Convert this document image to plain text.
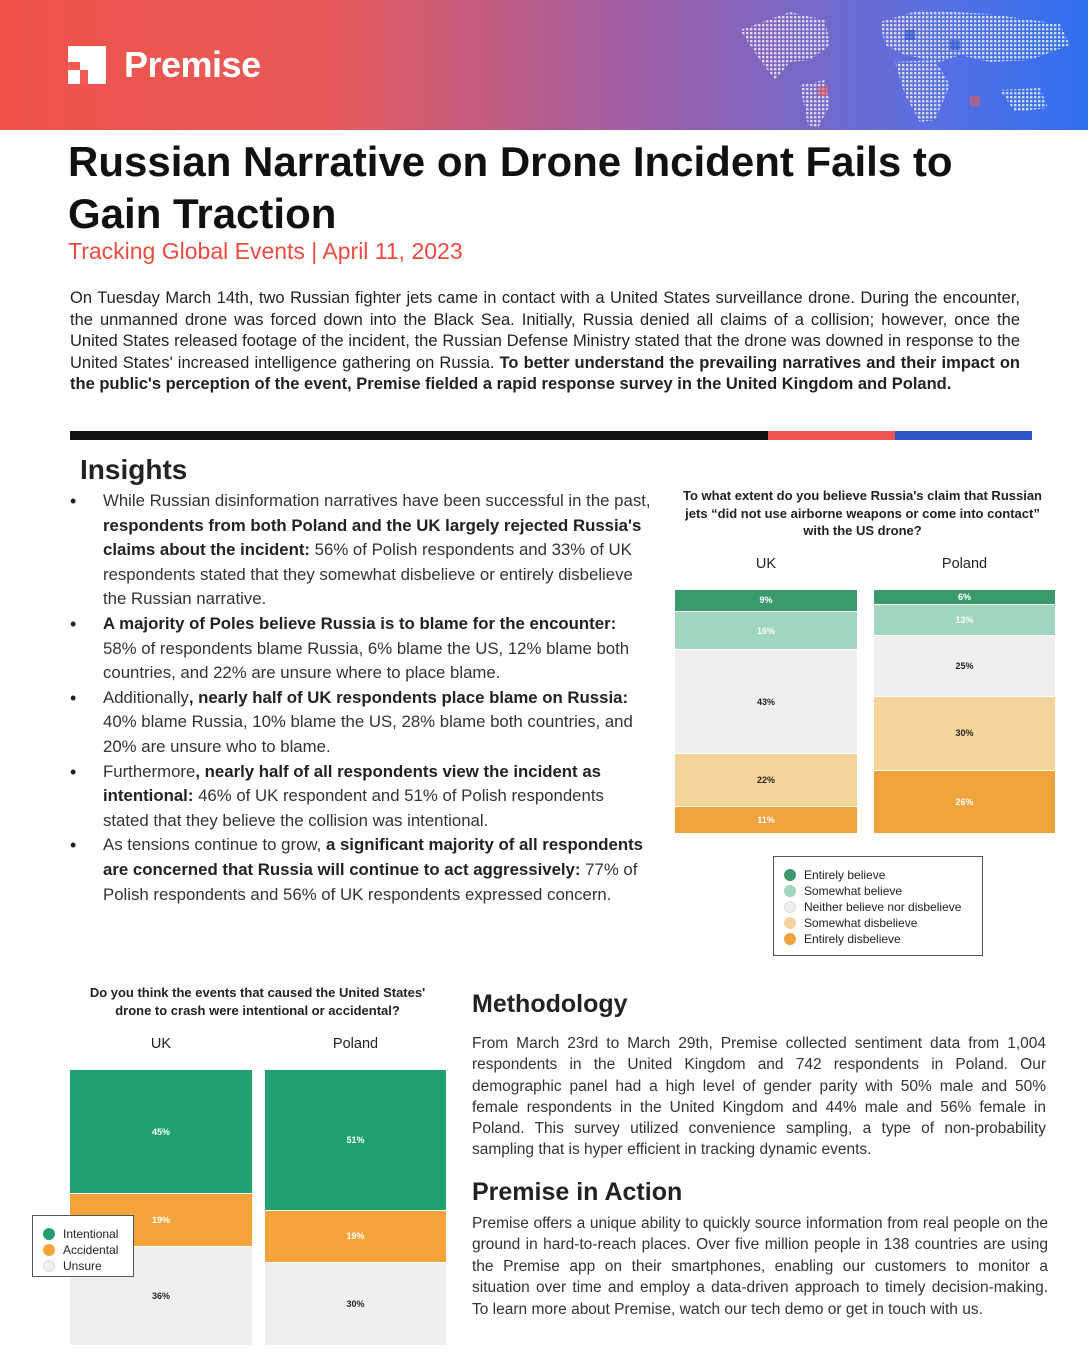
Premise
Russian Narrative on Drone Incident Fails to Gain Traction
Tracking Global Events | April 11, 2023

On Tuesday March 14th, two Russian fighter jets came in contact with a United States surveillance drone. During the encounter, the unmanned drone was forced down into the Black Sea. Initially, Russia denied all claims of a collision; however, once the United States released footage of the incident, the Russian Defense Ministry stated that the drone was downed in response to the United States' increased intelligence gathering on Russia. To better understand the prevailing narratives and their impact on the public's perception of the event, Premise fielded a rapid response survey in the United Kingdom and Poland.

Insights
• While Russian disinformation narratives have been successful in the past, respondents from both Poland and the UK largely rejected Russia's claims about the incident: 56% of Polish respondents and 33% of UK respondents stated that they somewhat disbelieve or entirely disbelieve the Russian narrative.
• A majority of Poles believe Russia is to blame for the encounter: 58% of respondents blame Russia, 6% blame the US, 12% blame both countries, and 22% are unsure where to place blame.
• Additionally, nearly half of UK respondents place blame on Russia: 40% blame Russia, 10% blame the US, 28% blame both countries, and 20% are unsure who to blame.
• Furthermore, nearly half of all respondents view the incident as intentional: 46% of UK respondent and 51% of Polish respondents stated that they believe the collision was intentional.
• As tensions continue to grow, a significant majority of all respondents are concerned that Russia will continue to act aggressively: 77% of Polish respondents and 56% of UK respondents expressed concern.
To what extent do you believe Russia's claim that Russian jets “did not use airborne weapons or come into contact” with the US drone?
UK
9%
16%
43%
22%
11%
Poland
6%
13%
25%
30%
26%
Entirely believe
Somewhat believe
Neither believe nor disbelieve
Somewhat disbelieve
Entirely disbelieve
Do you think the events that caused the United States' drone to crash were intentional or accidental?
UK
45%
19%
36%
Poland
51%
19%
30%
Intentional
Accidental
Unsure
Methodology

From March 23rd to March 29th, Premise collected sentiment data from 1,004 respondents in the United Kingdom and 742 respondents in Poland. Our demographic panel had a high level of gender parity with 50% male and 50% female respondents in the United Kingdom and 44% male and 56% female in Poland. This survey utilized convenience sampling, a type of non-probability sampling that is hyper efficient in tracking dynamic events.

Premise in Action

Premise offers a unique ability to quickly source information from real people on the ground in hard-to-reach places. Over five million people in 138 countries are using the Premise app on their smartphones, enabling our customers to monitor a situation over time and employ a data-driven approach to timely decision-making. To learn more about Premise, watch our tech demo or get in touch with us.
